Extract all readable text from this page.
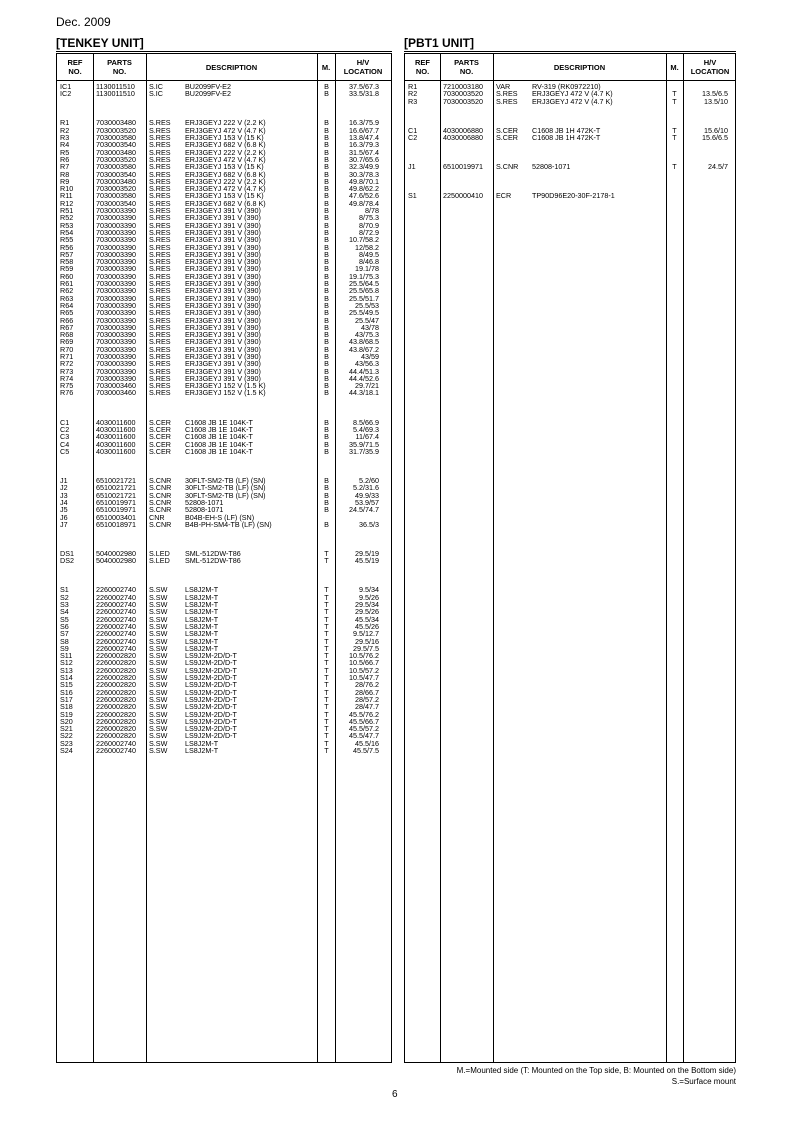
Dec. 2009
[TENKEY UNIT]	[PBT1 UNIT]
REF
NO.
PARTS
NO.	DESCRIPTION	M.	H/V
LOCATION
IC1	1130011510 S.IC	BU2099FV-E2	B	37.5/67.3
IC2	1130011510 S.IC	BU2099FV-E2	B	33.5/31.8
R1	7030003480 S.RES ERJ3GEYJ 222 V (2.2 K)	B	16.3/75.9
R2	7030003520 S.RES ERJ3GEYJ 472 V (4.7 K)	B	16.6/67.7
R3	7030003580 S.RES ERJ3GEYJ 153 V (15 K)	B	13.8/47.4
R4	7030003540 S.RES ERJ3GEYJ 682 V (6.8 K)	B	16.3/79.3
R5	7030003480 S.RES ERJ3GEYJ 222 V (2.2 K)	B	31.5/67.4
R6	7030003520 S.RES ERJ3GEYJ 472 V (4.7 K)	B	30.7/65.6
R7	7030003580 S.RES ERJ3GEYJ 153 V (15 K)	B	32.3/49.9
R8	7030003540 S.RES ERJ3GEYJ 682 V (6.8 K)	B	30.3/78.3
R9	7030003480 S.RES ERJ3GEYJ 222 V (2.2 K)	B	49.8/70.1
R10	7030003520 S.RES ERJ3GEYJ 472 V (4.7 K)	B	49.8/62.2
R11	7030003580 S.RES ERJ3GEYJ 153 V (15 K)	B	47.6/52.6
R12	7030003540 S.RES ERJ3GEYJ 682 V (6.8 K)	B	49.8/78.4
R51	7030003390 S.RES ERJ3GEYJ 391 V (390)	B	8/78
R52	7030003390 S.RES ERJ3GEYJ 391 V (390)	B	8/75.3
R53	7030003390 S.RES ERJ3GEYJ 391 V (390)	B	8/70.9
R54	7030003390 S.RES ERJ3GEYJ 391 V (390)	B	8/72.9
R55	7030003390 S.RES ERJ3GEYJ 391 V (390)	B	10.7/58.2
R56	7030003390 S.RES ERJ3GEYJ 391 V (390)	B	12/58.2
R57	7030003390 S.RES ERJ3GEYJ 391 V (390)	B	8/49.5
R58	7030003390 S.RES ERJ3GEYJ 391 V (390)	B	8/46.8
R59	7030003390 S.RES ERJ3GEYJ 391 V (390)	B	19.1/78
R60	7030003390 S.RES ERJ3GEYJ 391 V (390)	B	19.1/75.3
R61	7030003390 S.RES ERJ3GEYJ 391 V (390)	B	25.5/64.5
R62	7030003390 S.RES ERJ3GEYJ 391 V (390)	B	25.5/65.8
R63	7030003390 S.RES ERJ3GEYJ 391 V (390)	B	25.5/51.7
R64	7030003390 S.RES ERJ3GEYJ 391 V (390)	B	25.5/53
R65	7030003390 S.RES ERJ3GEYJ 391 V (390)	B	25.5/49.5
R66	7030003390 S.RES ERJ3GEYJ 391 V (390)	B	25.5/47
R67	7030003390 S.RES ERJ3GEYJ 391 V (390)	B	43/78
R68	7030003390 S.RES ERJ3GEYJ 391 V (390)	B	43/75.3
R69	7030003390 S.RES ERJ3GEYJ 391 V (390)	B	43.8/68.5
R70	7030003390 S.RES ERJ3GEYJ 391 V (390)	B	43.8/67.2
R71	7030003390 S.RES ERJ3GEYJ 391 V (390)	B	43/59
R72	7030003390 S.RES ERJ3GEYJ 391 V (390)	B	43/56.3
R73	7030003390 S.RES ERJ3GEYJ 391 V (390)	B	44.4/51.3
R74	7030003390 S.RES ERJ3GEYJ 391 V (390)	B	44.4/52.6
R75	7030003460 S.RES ERJ3GEYJ 152 V (1.5 K)	B	29.7/21
R76	7030003460 S.RES ERJ3GEYJ 152 V (1.5 K)	B	44.3/18.1
C1	4030011600 S.CER C1608 JB 1E 104K-T	B	8.5/66.9
C2	4030011600 S.CER C1608 JB 1E 104K-T	B	5.4/69.3
C3	4030011600 S.CER C1608 JB 1E 104K-T	B	11/67.4
C4	4030011600 S.CER C1608 JB 1E 104K-T	B	35.9/71.5
C5	4030011600 S.CER C1608 JB 1E 104K-T	B	31.7/35.9
J1	6510021721 S.CNR 30FLT-SM2-TB (LF) (SN)	B	5.2/60
J2	6510021721 S.CNR 30FLT-SM2-TB (LF) (SN)	B	5.2/31.6
J3	6510021721 S.CNR 30FLT-SM2-TB (LF) (SN)	B	49.9/33
J4	6510019971 S.CNR 52808-1071	B	53.9/57
J5	6510019971 S.CNR 52808-1071	B	24.5/74.7
J6	6510003401 CNR	B04B-EH-S (LF) (SN)
J7	6510018971 S.CNR B4B-PH-SM4-TB (LF) (SN)	B	36.5/3
DS1	5040002980 S.LED SML-512DW-T86	T	29.5/19
DS2	5040002980 S.LED SML-512DW-T86	T	45.5/19
S1	2260002740 S.SW LS8J2M-T	T	9.5/34
S2	2260002740 S.SW LS8J2M-T	T	9.5/26
S3	2260002740 S.SW LS8J2M-T	T	29.5/34
S4	2260002740 S.SW LS8J2M-T	T	29.5/26
S5	2260002740 S.SW LS8J2M-T	T	45.5/34
S6	2260002740 S.SW LS8J2M-T	T	45.5/26
S7	2260002740 S.SW LS8J2M-T	T	9.5/12.7
S8	2260002740 S.SW LS8J2M-T	T	29.5/16
S9	2260002740 S.SW LS8J2M-T	T	29.5/7.5
S11	2260002820 S.SW LS9J2M-2D/D-T	T	10.5/76.2
S12	2260002820 S.SW LS9J2M-2D/D-T	T	10.5/66.7
S13	2260002820 S.SW LS9J2M-2D/D-T	T	10.5/57.2
S14	2260002820 S.SW LS9J2M-2D/D-T	T	10.5/47.7
S15	2260002820 S.SW LS9J2M-2D/D-T	T	28/76.2
S16	2260002820 S.SW LS9J2M-2D/D-T	T	28/66.7
S17	2260002820 S.SW LS9J2M-2D/D-T	T	28/57.2
S18	2260002820 S.SW LS9J2M-2D/D-T	T	28/47.7
S19	2260002820 S.SW LS9J2M-2D/D-T	T	45.5/76.2
S20	2260002820 S.SW LS9J2M-2D/D-T	T	45.5/66.7
S21	2260002820 S.SW LS9J2M-2D/D-T	T	45.5/57.2
S22	2260002820 S.SW LS9J2M-2D/D-T	T	45.5/47.7
S23	2260002740 S.SW LS8J2M-T	T	45.5/16
S24	2260002740 S.SW LS8J2M-T	T	45.5/7.5
REF
NO.
PARTS
NO.	DESCRIPTION	M.	H/V
LOCATION
R1	7210003180 VAR	RV-319 (RK0972210)
R2	7030003520 S.RES ERJ3GEYJ 472 V (4.7 K)	T	13.5/6.5
R3	7030003520 S.RES ERJ3GEYJ 472 V (4.7 K)	T	13.5/10
C1	4030006880 S.CER C1608 JB 1H 472K-T	T	15.6/10
C2	4030006880 S.CER C1608 JB 1H 472K-T	T	15.6/6.5
J1	6510019971 S.CNR 52808-1071	T	24.5/7
S1	2250000410 ECR	TP90D96E20-30F-2178-1
M.=Mounted side (T: Mounted on the Top side, B: Mounted on the Bottom side)
S.=Surface mount
6
